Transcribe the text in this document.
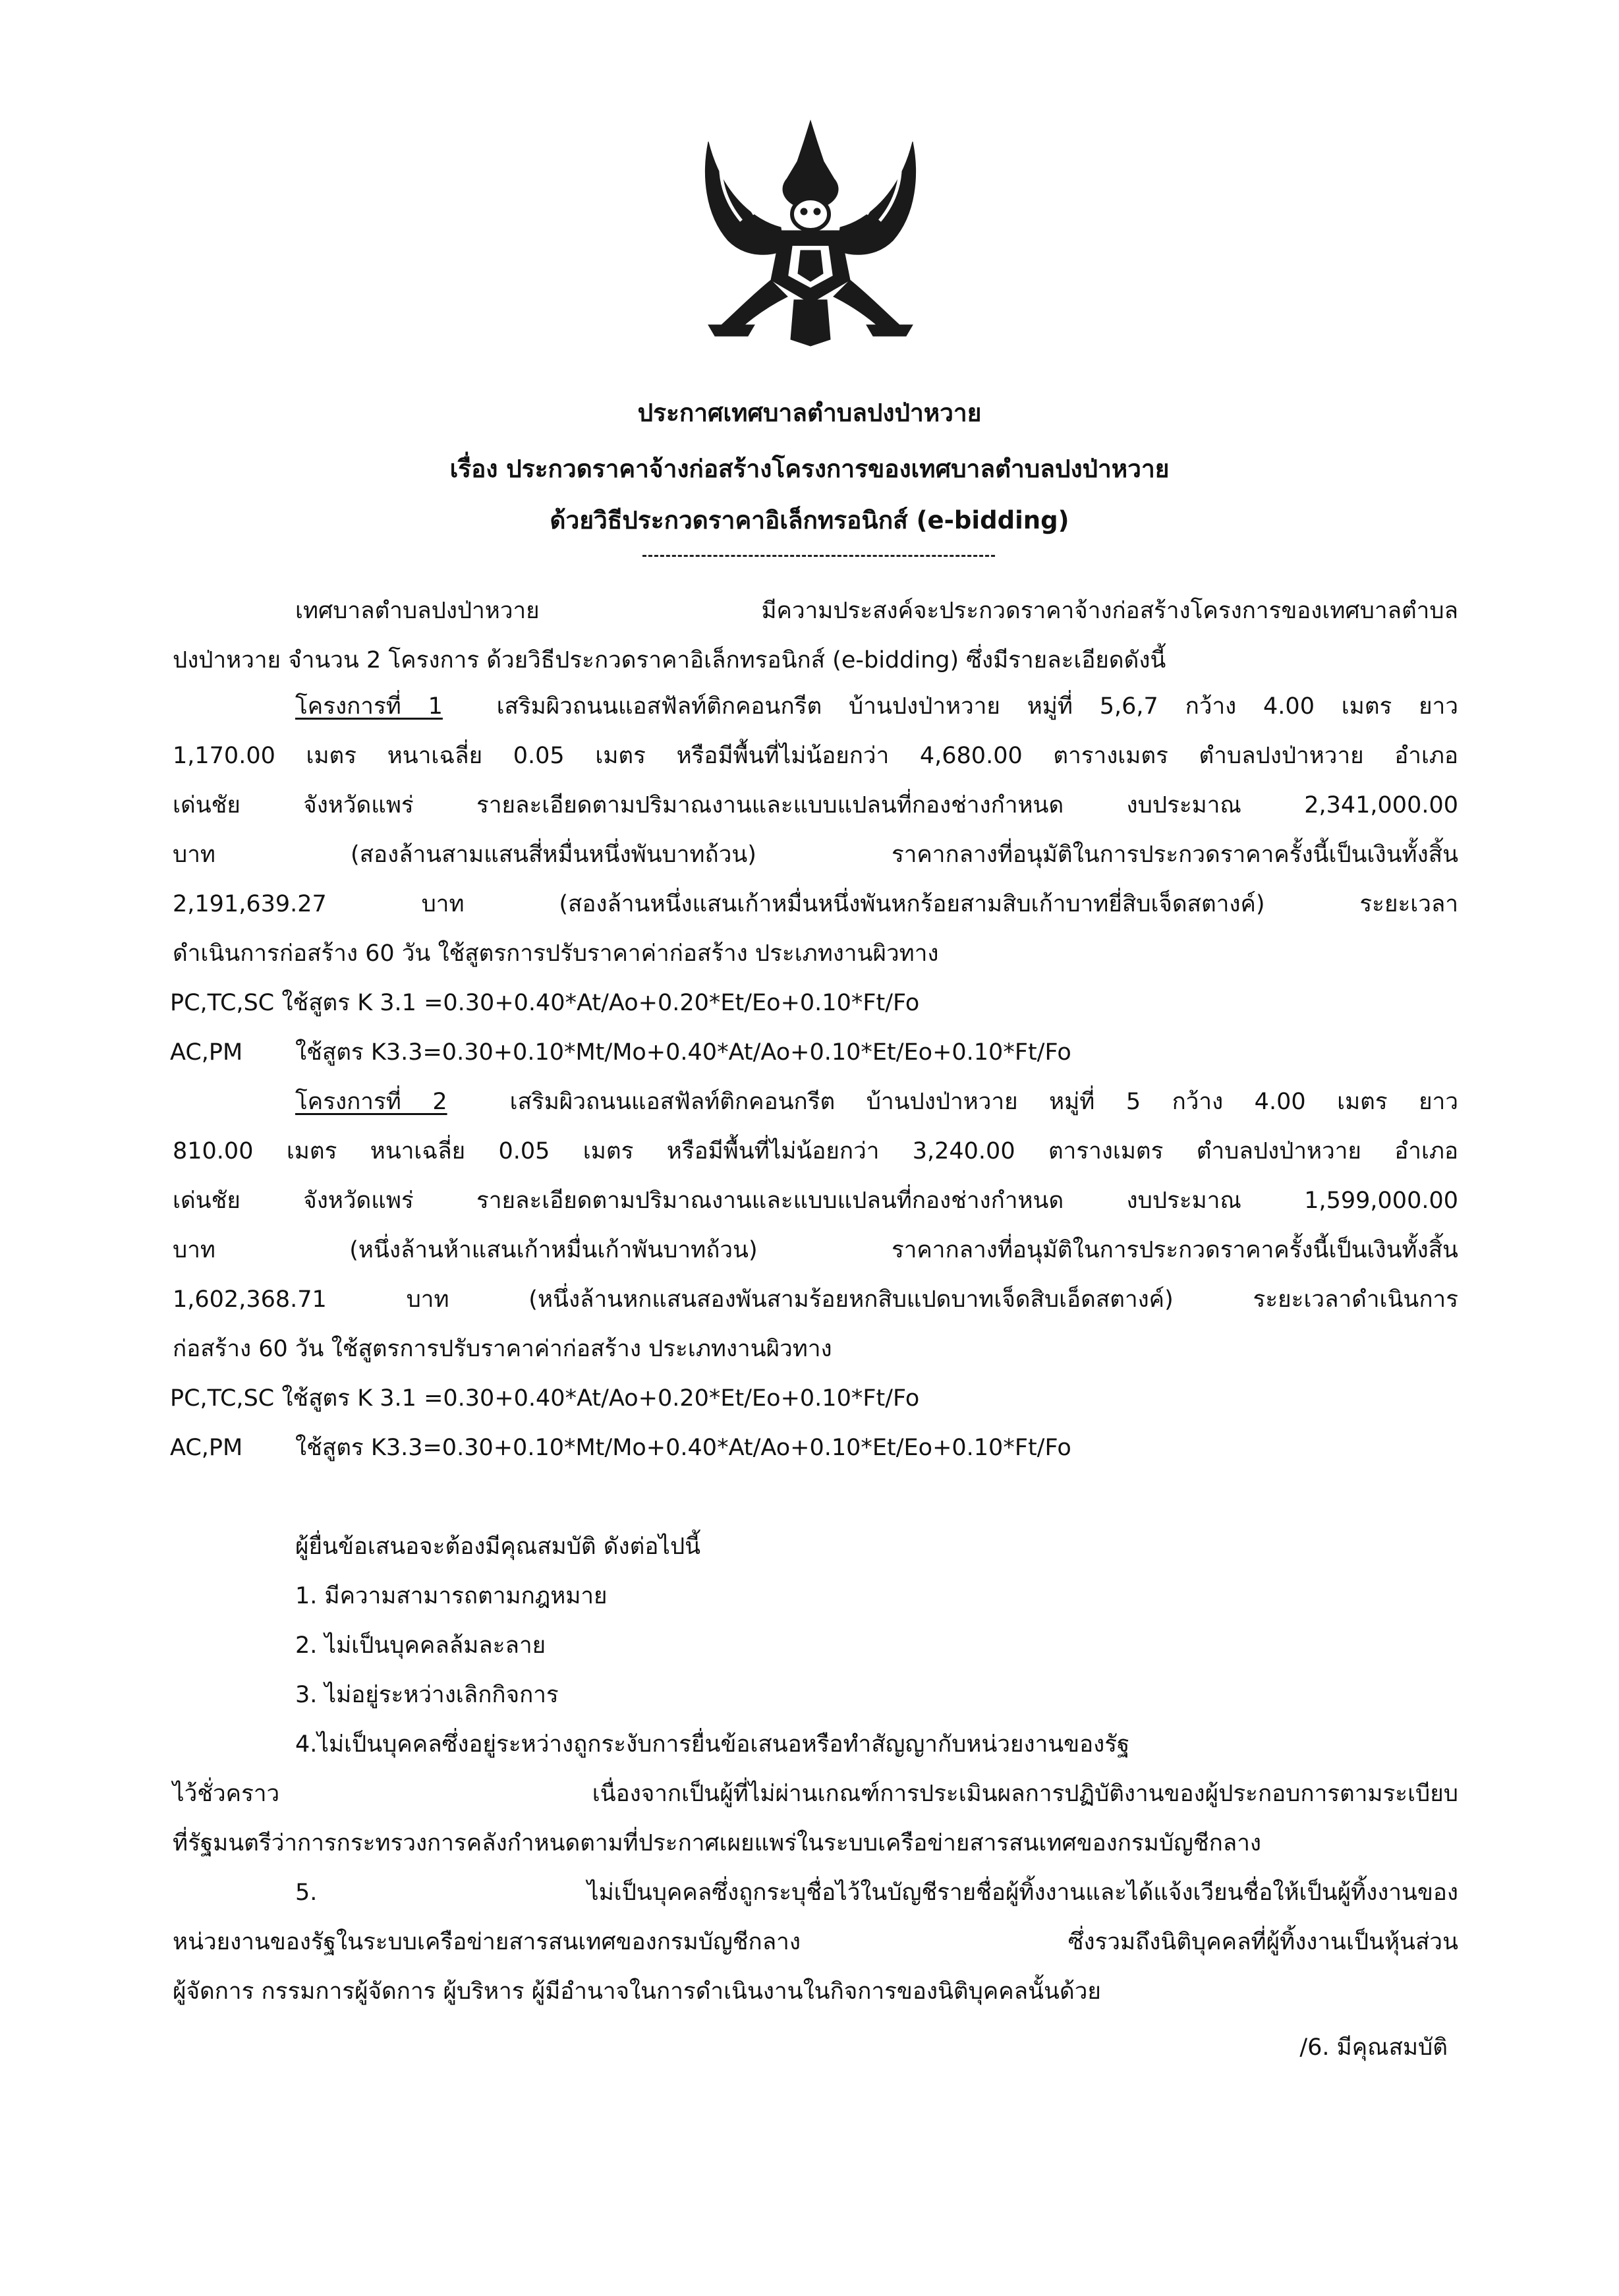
ประกาศเทศบาลตำบลปงป่าหวาย
เรื่อง ประกวดราคาจ้างก่อสร้างโครงการของเทศบาลตำบลปงป่าหวาย
ด้วยวิธีประกวดราคาอิเล็กทรอนิกส์ (e-bidding)
เทศบาลตำบลปงป่าหวาย มีความประสงค์จะประกวดราคาจ้างก่อสร้างโครงการของเทศบาลตำบล
ปงป่าหวาย จำนวน 2 โครงการ ด้วยวิธีประกวดราคาอิเล็กทรอนิกส์ (e-bidding) ซึ่งมีรายละเอียดดังนี้
โครงการที่ 1 เสริมผิวถนนแอสฟัลท์ติกคอนกรีต บ้านปงป่าหวาย หมู่ที่ 5,6,7 กว้าง 4.00 เมตร ยาว
1,170.00 เมตร หนาเฉลี่ย 0.05 เมตร หรือมีพื้นที่ไม่น้อยกว่า 4,680.00 ตารางเมตร ตำบลปงป่าหวาย อำเภอ
เด่นชัย จังหวัดแพร่ รายละเอียดตามปริมาณงานและแบบแปลนที่กองช่างกำหนด งบประมาณ 2,341,000.00
บาท (สองล้านสามแสนสี่หมื่นหนึ่งพันบาทถ้วน) ราคากลางที่อนุมัติในการประกวดราคาครั้งนี้เป็นเงินทั้งสิ้น
2,191,639.27 บาท (สองล้านหนึ่งแสนเก้าหมื่นหนึ่งพันหกร้อยสามสิบเก้าบาทยี่สิบเจ็ดสตางค์) ระยะเวลา
ดำเนินการก่อสร้าง 60 วัน ใช้สูตรการปรับราคาค่าก่อสร้าง ประเภทงานผิวทาง
PC,TC,SC ใช้สูตร K 3.1 =0.30+0.40*At/Ao+0.20*Et/Eo+0.10*Ft/Fo
AC,PM ใช้สูตร K3.3=0.30+0.10*Mt/Mo+0.40*At/Ao+0.10*Et/Eo+0.10*Ft/Fo
โครงการที่ 2	เสริมผิวถนนแอสฟัลท์ติกคอนกรีต บ้านปงป่าหวาย หมู่ที่ 5 กว้าง 4.00 เมตร ยาว
810.00 เมตร หนาเฉลี่ย 0.05 เมตร หรือมีพื้นที่ไม่น้อยกว่า 3,240.00 ตารางเมตร ตำบลปงป่าหวาย อำเภอ
เด่นชัย จังหวัดแพร่ รายละเอียดตามปริมาณงานและแบบแปลนที่กองช่างกำหนด งบประมาณ 1,599,000.00
บาท (หนึ่งล้านห้าแสนเก้าหมื่นเก้าพันบาทถ้วน) ราคากลางที่อนุมัติในการประกวดราคาครั้งนี้เป็นเงินทั้งสิ้น
1,602,368.71 บาท (หนึ่งล้านหกแสนสองพันสามร้อยหกสิบแปดบาทเจ็ดสิบเอ็ดสตางค์) ระยะเวลาดำเนินการ
ก่อสร้าง 60 วัน ใช้สูตรการปรับราคาค่าก่อสร้าง ประเภทงานผิวทาง
PC,TC,SC ใช้สูตร K 3.1 =0.30+0.40*At/Ao+0.20*Et/Eo+0.10*Ft/Fo
AC,PM ใช้สูตร K3.3=0.30+0.10*Mt/Mo+0.40*At/Ao+0.10*Et/Eo+0.10*Ft/Fo
ผู้ยื่นข้อเสนอจะต้องมีคุณสมบัติ ดังต่อไปนี้
1. มีความสามารถตามกฎหมาย
2. ไม่เป็นบุคคลล้มละลาย
3. ไม่อยู่ระหว่างเลิกกิจการ
4.ไม่เป็นบุคคลซึ่งอยู่ระหว่างถูกระงับการยื่นข้อเสนอหรือทำสัญญากับหน่วยงานของรัฐ
ไว้ชั่วคราว เนื่องจากเป็นผู้ที่ไม่ผ่านเกณฑ์การประเมินผลการปฏิบัติงานของผู้ประกอบการตามระเบียบ
ที่รัฐมนตรีว่าการกระทรวงการคลังกำหนดตามที่ประกาศเผยแพร่ในระบบเครือข่ายสารสนเทศของกรมบัญชีกลาง
5. ไม่เป็นบุคคลซึ่งถูกระบุชื่อไว้ในบัญชีรายชื่อผู้ทิ้งงานและได้แจ้งเวียนชื่อให้เป็นผู้ทิ้งงานของ
หน่วยงานของรัฐในระบบเครือข่ายสารสนเทศของกรมบัญชีกลาง ซึ่งรวมถึงนิติบุคคลที่ผู้ทิ้งงานเป็นหุ้นส่วน
ผู้จัดการ กรรมการผู้จัดการ ผู้บริหาร ผู้มีอำนาจในการดำเนินงานในกิจการของนิติบุคคลนั้นด้วย
/6. มีคุณสมบัติ
